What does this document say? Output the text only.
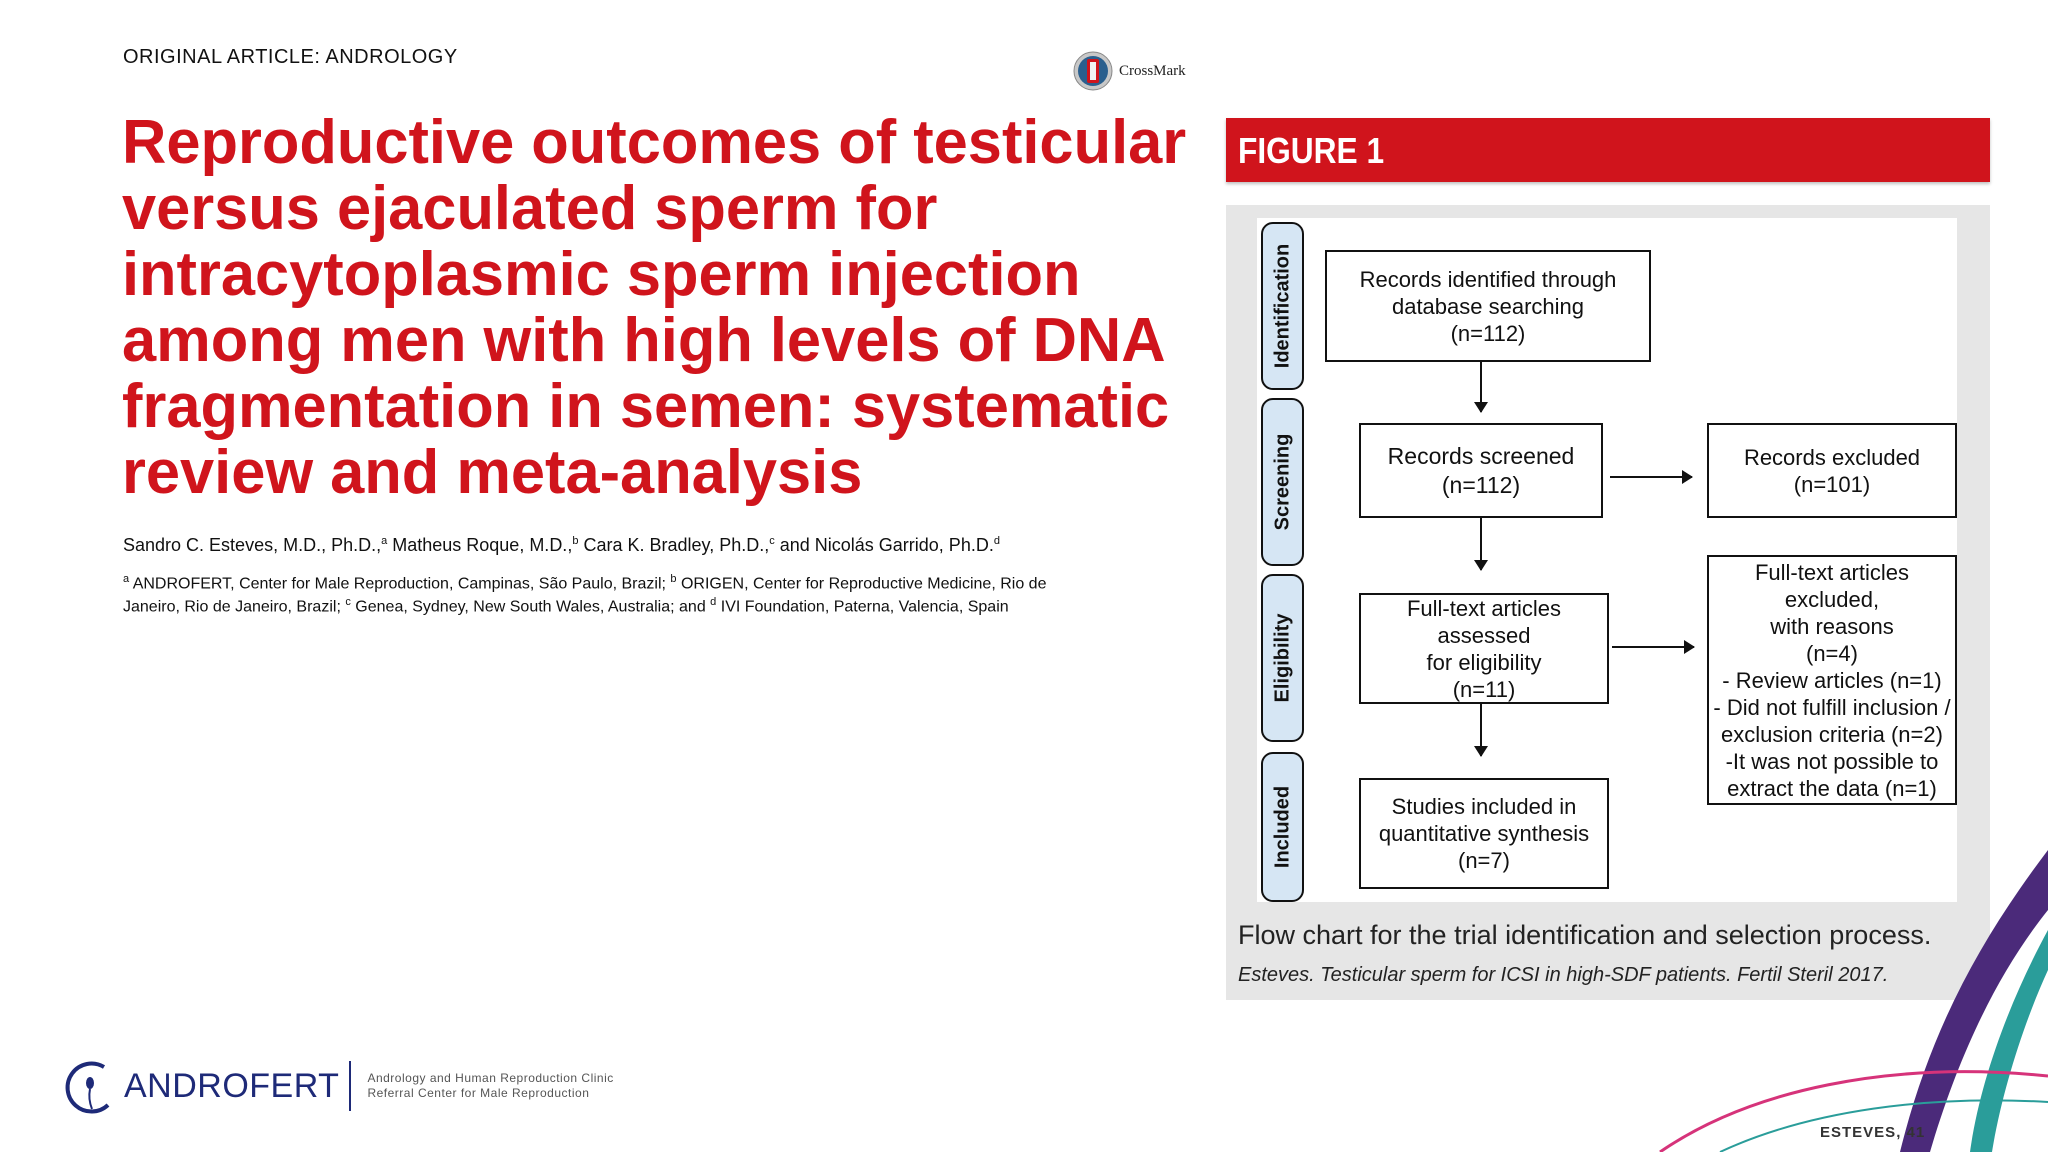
ORIGINAL ARTICLE: ANDROLOGY
CrossMark
Reproductive outcomes of testicular
versus ejaculated sperm for
intracytoplasmic sperm injection
among men with high levels of DNA
fragmentation in semen: systematic
review and meta-analysis
Sandro C. Esteves, M.D., Ph.D.,$^a$ Matheus Roque, M.D.,$^b$ Cara K. Bradley, Ph.D.,$^c$ and Nicolás Garrido, Ph.D.$^d$
$^a$ ANDROFERT, Center for Male Reproduction, Campinas, São Paulo, Brazil; $^b$ ORIGEN, Center for Reproductive Medicine, Rio de Janeiro, Rio de Janeiro, Brazil; $^c$ Genea, Sydney, New South Wales, Australia; and $^d$ IVI Foundation, Paterna, Valencia, Spain
FIGURE 1
Identification
Screening
Eligibility
Included
Records identified through
database searching
(n=112)
Records screened
(n=112)
Records excluded
(n=101)
Full-text articles assessed
for eligibility
(n=11)
Full-text articles excluded,
with reasons
(n=4)
- Review articles (n=1)
- Did not fulfill inclusion /
exclusion criteria (n=2)
-It was not possible to
extract the data (n=1)
Studies included in
quantitative synthesis
(n=7)
Flow chart for the trial identification and selection process.
Esteves. Testicular sperm for ICSI in high-SDF patients. Fertil Steril 2017.
ANDROFERT Andrology and Human Reproduction Clinic
Referral Center for Male Reproduction
ESTEVES, 41
